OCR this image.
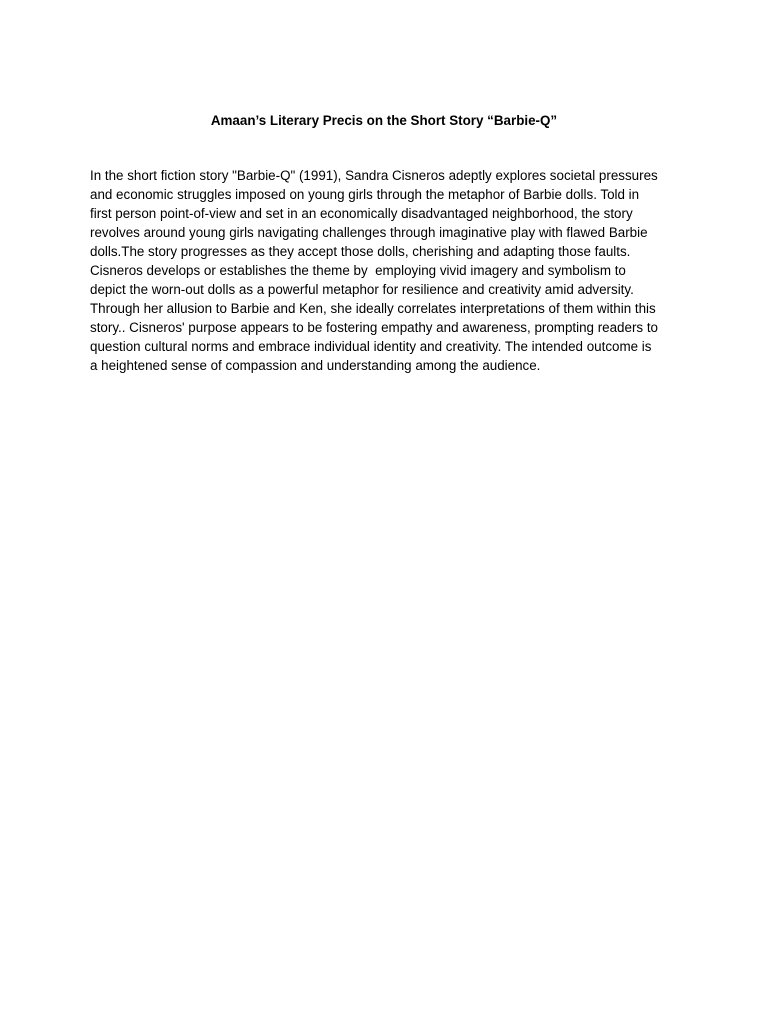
Amaan’s Literary Precis on the Short Story “Barbie-Q”
In the short fiction story "Barbie-Q" (1991), Sandra Cisneros adeptly explores societal pressures
and economic struggles imposed on young girls through the metaphor of Barbie dolls. Told in
first person point-of-view and set in an economically disadvantaged neighborhood, the story
revolves around young girls navigating challenges through imaginative play with flawed Barbie
dolls.The story progresses as they accept those dolls, cherishing and adapting those faults.
Cisneros develops or establishes the theme by  employing vivid imagery and symbolism to
depict the worn-out dolls as a powerful metaphor for resilience and creativity amid adversity.
Through her allusion to Barbie and Ken, she ideally correlates interpretations of them within this
story.. Cisneros' purpose appears to be fostering empathy and awareness, prompting readers to
question cultural norms and embrace individual identity and creativity. The intended outcome is
a heightened sense of compassion and understanding among the audience.
